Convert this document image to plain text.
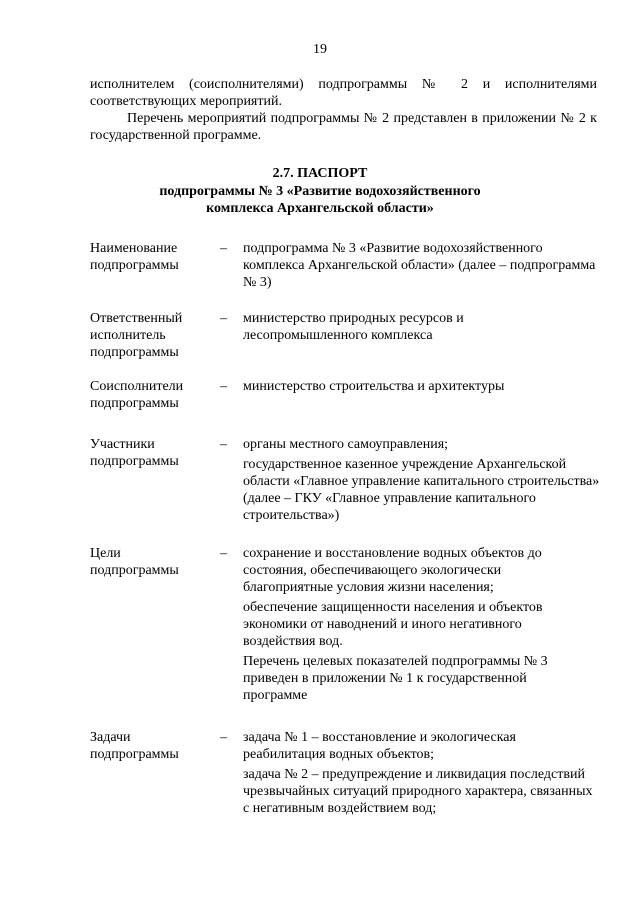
19

исполнителем (соисполнителями) подпрограммы № 2 и исполнителями

соответствующих мероприятий.

Перечень мероприятий подпрограммы № 2 представлен в приложении № 2 к государственной программе.

2.7. ПАСПОРТ
подпрограммы № 3 «Развитие водохозяйственного
комплекса Архангельской области»
Наименование
подпрограммы
–	подпрограмма № 3 «Развитие водохозяйственного комплекса Архангельской области» (далее – подпрограмма № 3)

Ответственный
исполнитель
подпрограммы
–	министерство природных ресурсов и лесопромышленного комплекса

Соисполнители
подпрограммы
–	министерство строительства и архитектуры

Участники
подпрограммы
–	органы местного самоуправления;

государственное казенное учреждение Архангельской области «Главное управление капитального строительства» (далее – ГКУ «Главное управление капитального строительства»)

Цели
подпрограммы
–	сохранение и восстановление водных объектов до состояния, обеспечивающего экологически благоприятные условия жизни населения;

обеспечение защищенности населения и объектов экономики от наводнений и иного негативного воздействия вод.

Перечень целевых показателей подпрограммы № 3 приведен в приложении № 1 к государственной программе

Задачи
подпрограммы
–	задача № 1 – восстановление и экологическая реабилитация водных объектов;

задача № 2 – предупреждение и ликвидация последствий чрезвычайных ситуаций природного характера, связанных с негативным воздействием вод;
